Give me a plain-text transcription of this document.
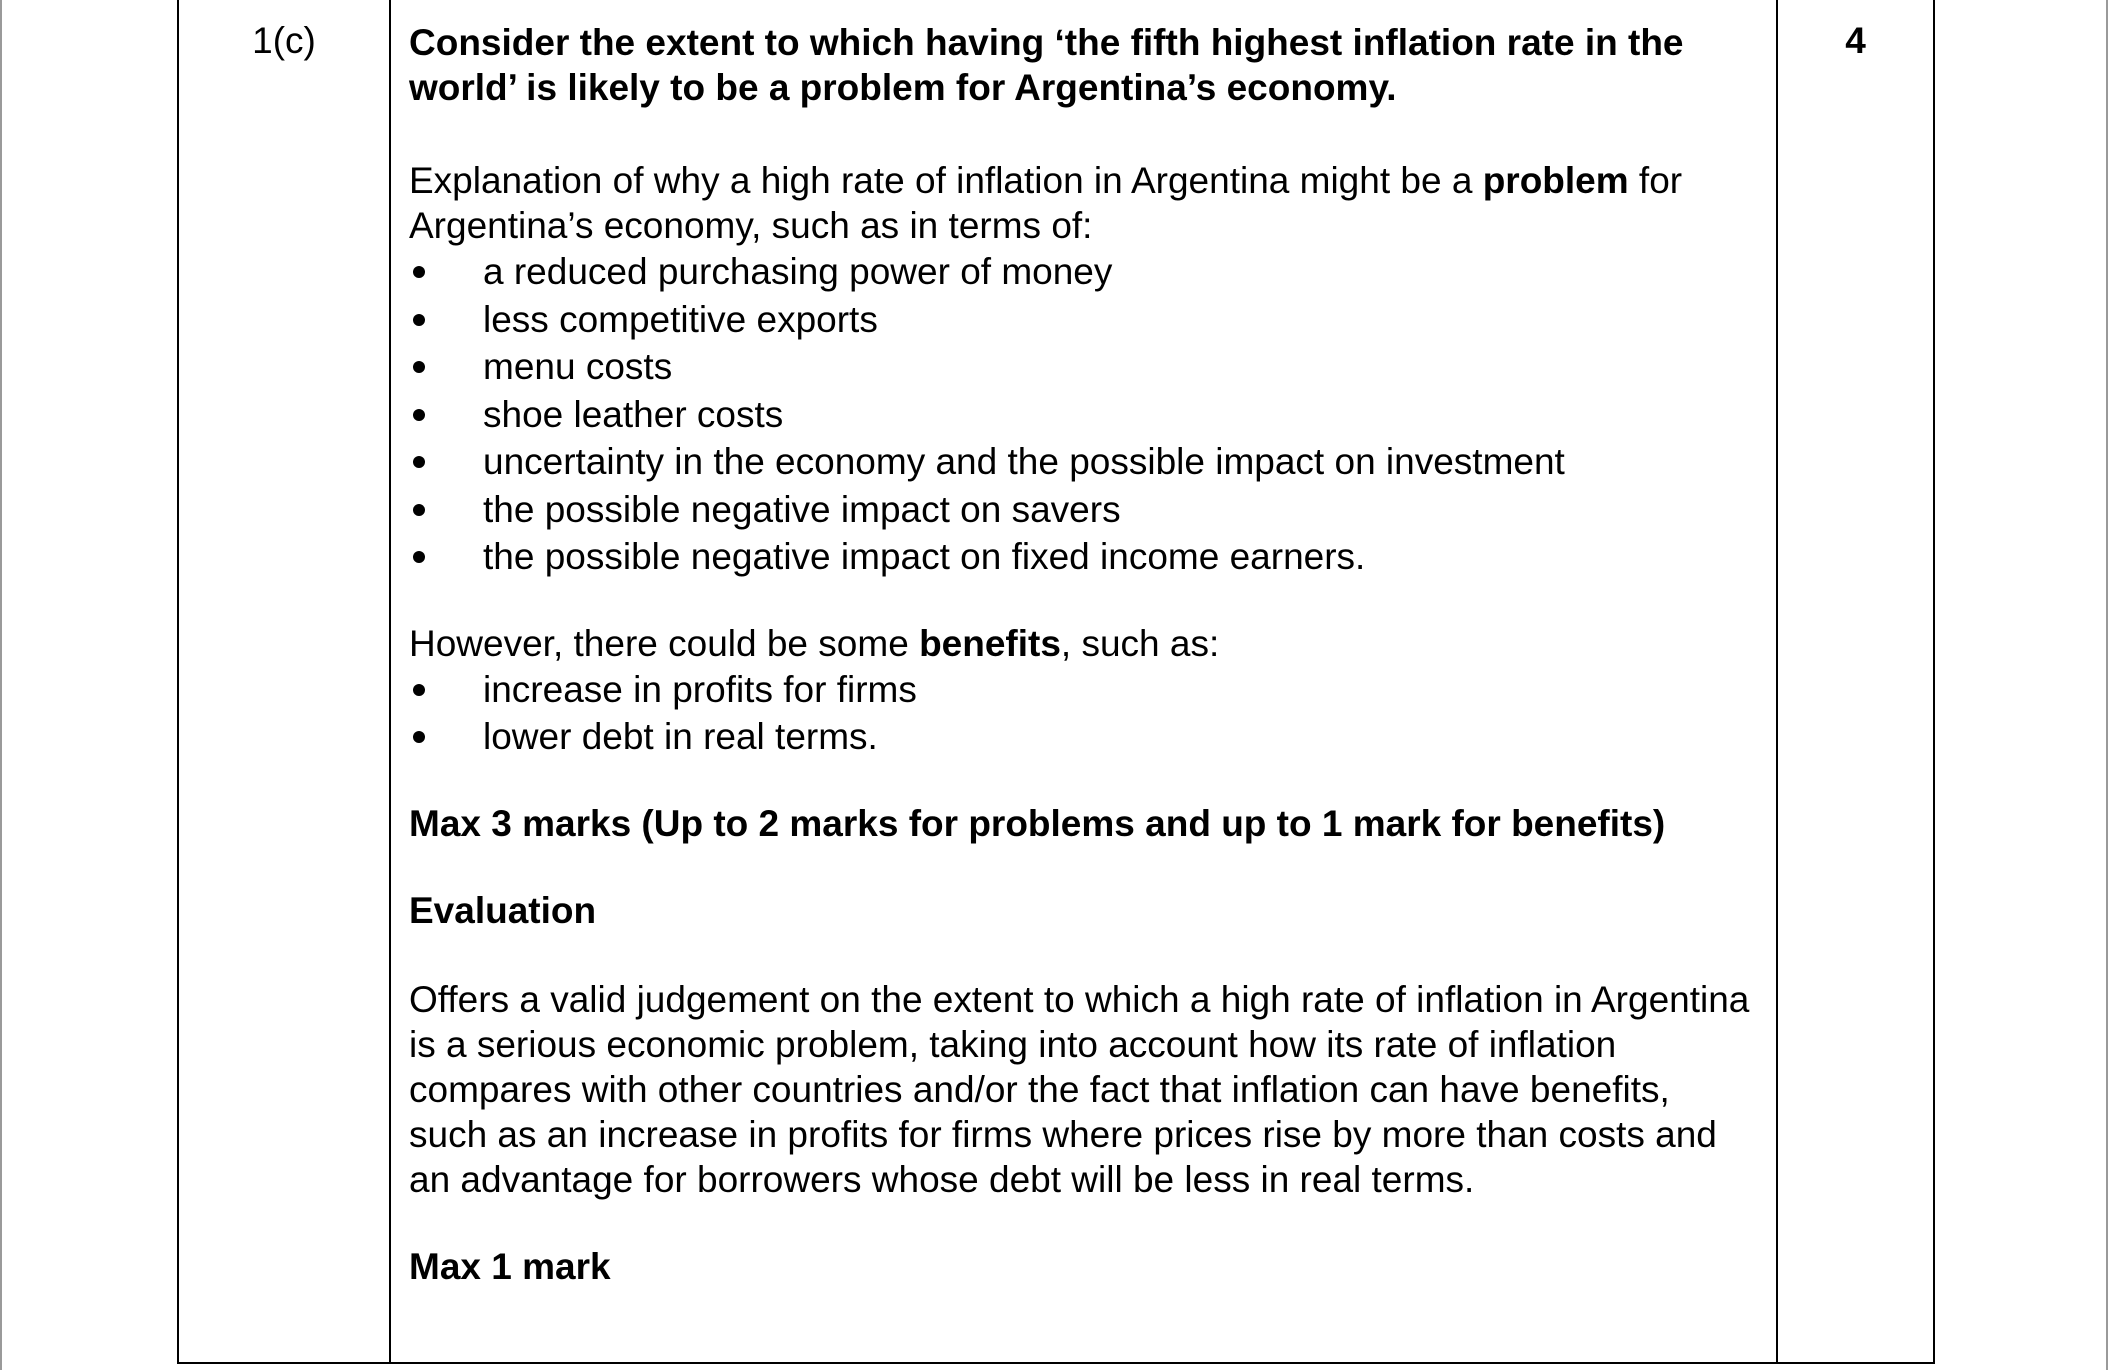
1(c)	Consider the extent to which having ‘the fifth highest inflation rate in the world’ is likely to be a problem for Argentina’s economy.

Explanation of why a high rate of inflation in Argentina might be a problem for Argentina’s economy, such as in terms of:

a reduced purchasing power of money
less competitive exports
menu costs
shoe leather costs
uncertainty in the economy and the possible impact on investment
the possible negative impact on savers
the possible negative impact on fixed income earners.

However, there could be some benefits, such as:

increase in profits for firms
lower debt in real terms.

Max 3 marks (Up to 2 marks for problems and up to 1 mark for benefits)

Evaluation

Offers a valid judgement on the extent to which a high rate of inflation in Argentina is a serious economic problem, taking into account how its rate of inflation compares with other countries and/or the fact that inflation can have benefits, such as an increase in profits for firms where prices rise by more than costs and an advantage for borrowers whose debt will be less in real terms.

Max 1 mark

4
